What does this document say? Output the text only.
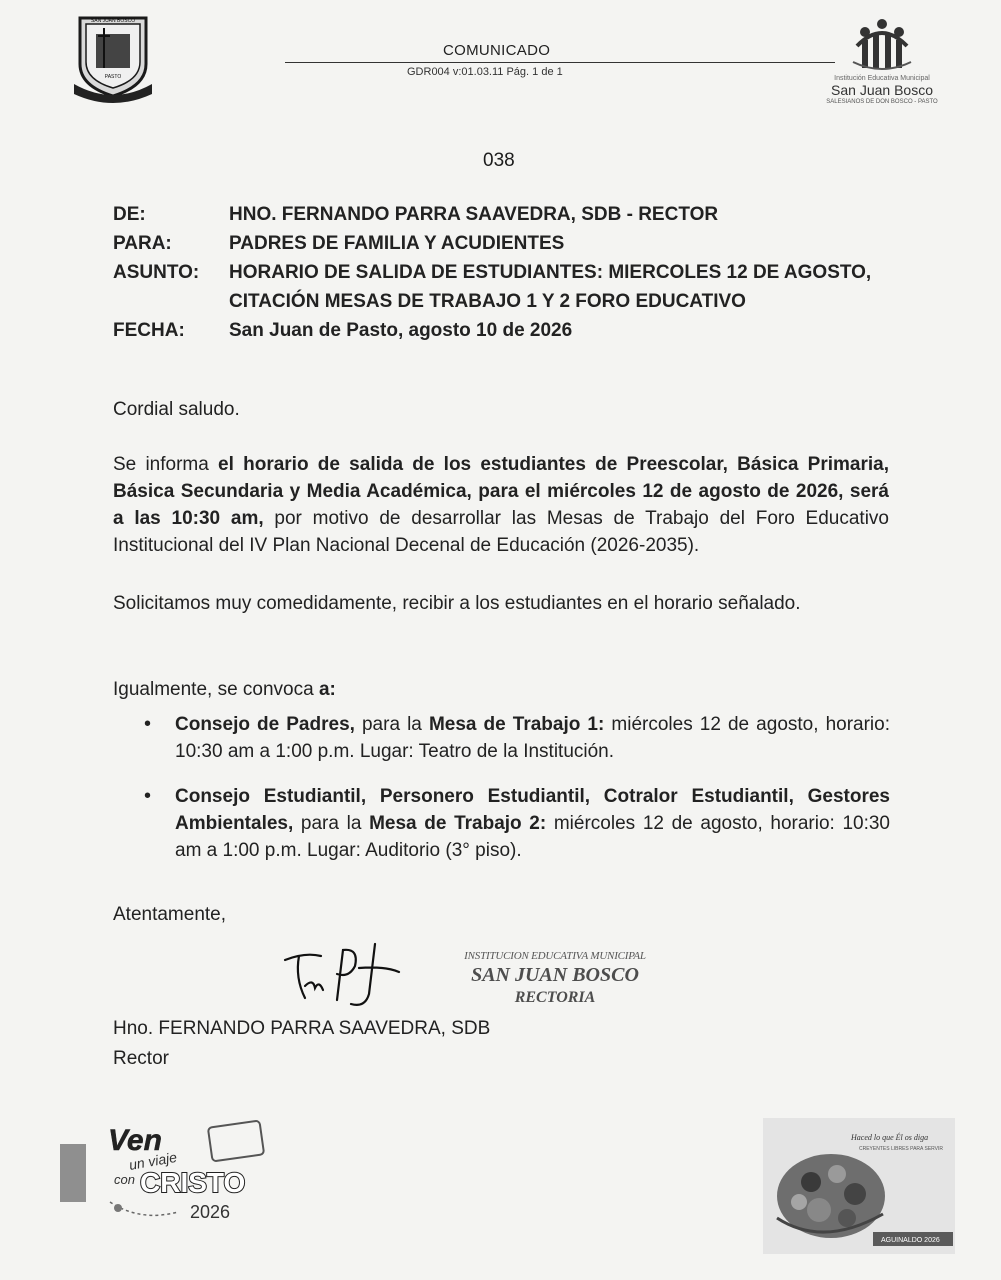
SAN JUAN BOSCO
PASTO
COMUNICADO
GDR004 v:01.03.11 Pág. 1 de 1
Institución Educativa Municipal
San Juan Bosco
SALESIANOS DE DON BOSCO - PASTO
038
DE:	HNO. FERNANDO PARRA SAAVEDRA, SDB - RECTOR
PARA:	PADRES DE FAMILIA Y ACUDIENTES
ASUNTO:	HORARIO DE SALIDA DE ESTUDIANTES: MIERCOLES 12 DE AGOSTO, CITACIÓN MESAS DE TRABAJO 1 Y 2 FORO EDUCATIVO
FECHA:	San Juan de Pasto, agosto 10 de 2026
Cordial saludo.
Se informa el horario de salida de los estudiantes de Preescolar, Básica Primaria, Básica Secundaria y Media Académica, para el miércoles 12 de agosto de 2026, será a las 10:30 am, por motivo de desarrollar las Mesas de Trabajo del Foro Educativo Institucional del IV Plan Nacional Decenal de Educación (2026-2035).
Solicitamos muy comedidamente, recibir a los estudiantes en el horario señalado.
Igualmente, se convoca a:
• Consejo de Padres, para la Mesa de Trabajo 1: miércoles 12 de agosto, horario: 10:30 am a 1:00 p.m. Lugar: Teatro de la Institución.
• Consejo Estudiantil, Personero Estudiantil, Cotralor Estudiantil, Gestores Ambientales, para la Mesa de Trabajo 2: miércoles 12 de agosto, horario: 10:30 am a 1:00 p.m. Lugar: Auditorio (3° piso).
Atentamente,
INSTITUCION EDUCATIVA MUNICIPAL
SAN JUAN BOSCO
RECTORIA
Hno. FERNANDO PARRA SAAVEDRA, SDB
Rector
Ven
un viaje
con CRISTO
2026
Haced lo que Él os diga
CREYENTES LIBRES PARA SERVIR
AGUINALDO 2026
